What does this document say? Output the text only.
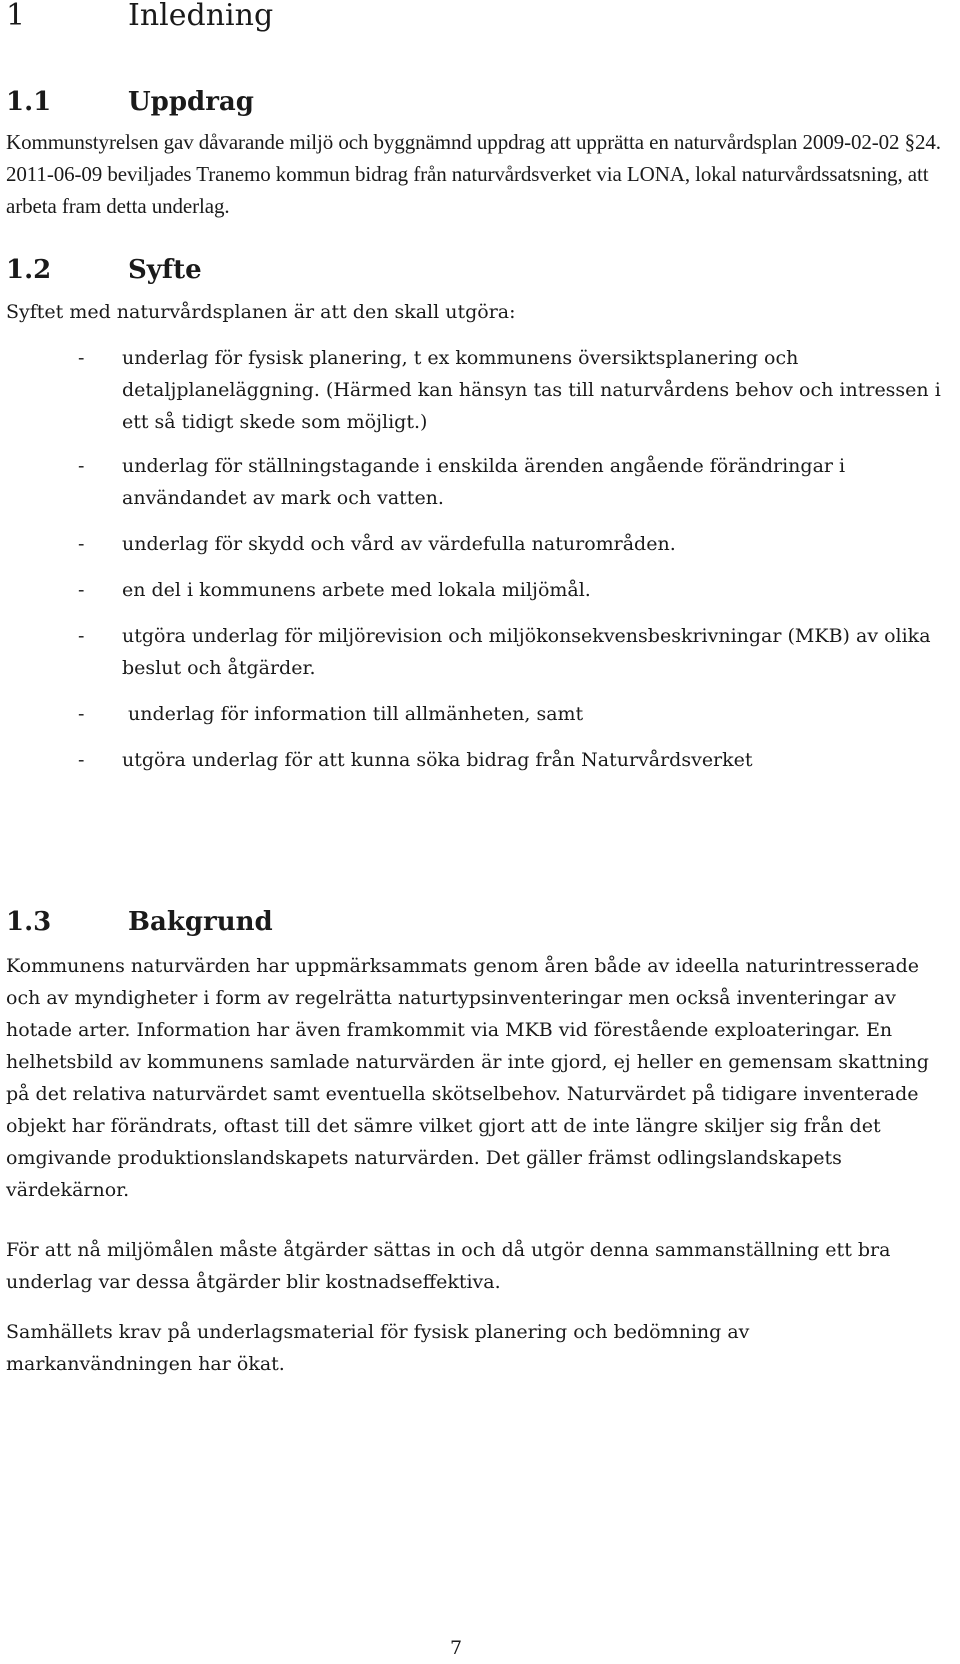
1	Inledning
1.1	Uppdrag

Kommunstyrelsen gav dåvarande miljö och byggnämnd uppdrag att upprätta en naturvårdsplan 2009-02-02 §24. 2011-06-09 beviljades Tranemo kommun bidrag från naturvårdsverket via LONA, lokal naturvårdssatsning, att arbeta fram detta underlag.

1.2	Syfte

Syftet med naturvårdsplanen är att den skall utgöra:

- underlag för fysisk planering, t ex kommunens översiktsplanering och detaljplaneläggning. (Härmed kan hänsyn tas till naturvårdens behov och intressen i ett så tidigt skede som möjligt.)
- underlag för ställningstagande i enskilda ärenden angående förändringar i användandet av mark och vatten.
- underlag för skydd och vård av värdefulla naturområden.
- en del i kommunens arbete med lokala miljömål.
- utgöra underlag för miljörevision och miljökonsekvensbeskrivningar (MKB) av olika beslut och åtgärder.
- underlag för information till allmänheten, samt
- utgöra underlag för att kunna söka bidrag från Naturvårdsverket
1.3	Bakgrund

Kommunens naturvärden har uppmärksammats genom åren både av ideella naturintresserade och av myndigheter i form av regelrätta naturtypsinventeringar men också inventeringar av hotade arter. Information har även framkommit via MKB vid förestående exploateringar. En helhetsbild av kommunens samlade naturvärden är inte gjord, ej heller en gemensam skattning på det relativa naturvärdet samt eventuella skötselbehov. Naturvärdet på tidigare inventerade objekt har förändrats, oftast till det sämre vilket gjort att de inte längre skiljer sig från det omgivande produktionslandskapets naturvärden. Det gäller främst odlingslandskapets värdekärnor.

För att nå miljömålen måste åtgärder sättas in och då utgör denna sammanställning ett bra underlag var dessa åtgärder blir kostnadseffektiva.

Samhällets krav på underlagsmaterial för fysisk planering och bedömning av markanvändningen har ökat.

7
